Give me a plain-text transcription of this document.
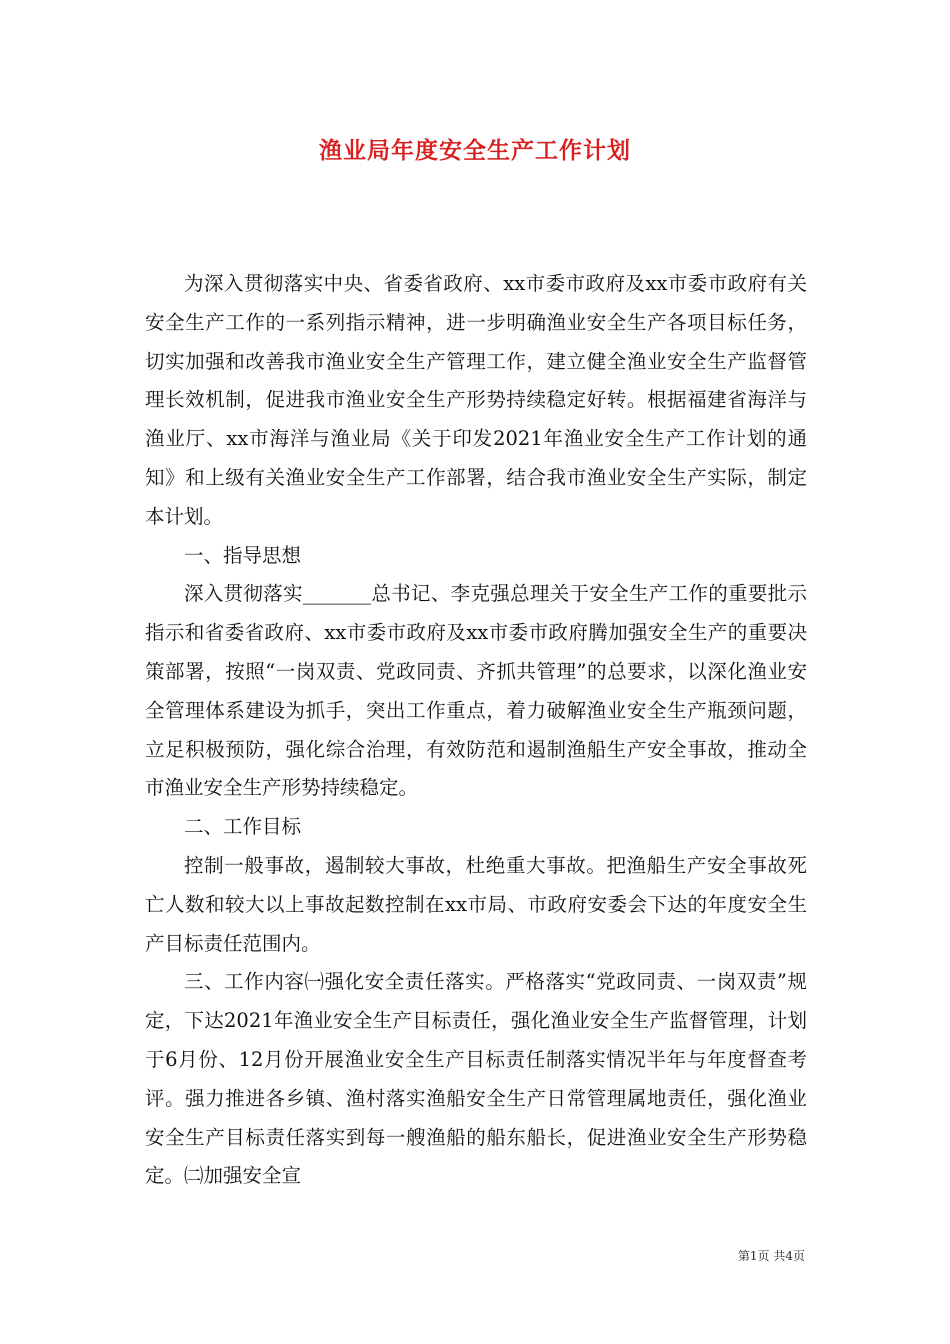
渔业局年度安全生产工作计划

为深入贯彻落实中央、省委省政府、xx市委市政府及xx市委市政府有关安全生产工作的一系列指示精神，进一步明确渔业安全生产各项目标任务，切实加强和改善我市渔业安全生产管理工作，建立健全渔业安全生产监督管理长效机制，促进我市渔业安全生产形势持续稳定好转。根据福建省海洋与渔业厅、xx市海洋与渔业局《关于印发2021年渔业安全生产工作计划的通知》和上级有关渔业安全生产工作部署，结合我市渔业安全生产实际，制定本计划。

一、指导思想

深入贯彻落实_______总书记、李克强总理关于安全生产工作的重要批示指示和省委省政府、xx市委市政府及xx市委市政府腾加强安全生产的重要决策部署，按照“一岗双责、党政同责、齐抓共管理”的总要求，以深化渔业安全管理体系建设为抓手，突出工作重点，着力破解渔业安全生产瓶颈问题，立足积极预防，强化综合治理，有效防范和遏制渔船生产安全事故，推动全市渔业安全生产形势持续稳定。

二、工作目标

控制一般事故，遏制较大事故，杜绝重大事故。把渔船生产安全事故死亡人数和较大以上事故起数控制在xx市局、市政府安委会下达的年度安全生产目标责任范围内。

三、工作内容㈠强化安全责任落实。严格落实“党政同责、一岗双责”规定，下达2021年渔业安全生产目标责任，强化渔业安全生产监督管理，计划于6月份、12月份开展渔业安全生产目标责任制落实情况半年与年度督查考评。强力推进各乡镇、渔村落实渔船安全生产日常管理属地责任，强化渔业安全生产目标责任落实到每一艘渔船的船东船长，促进渔业安全生产形势稳定。㈡加强安全宣

第1页 共4页
